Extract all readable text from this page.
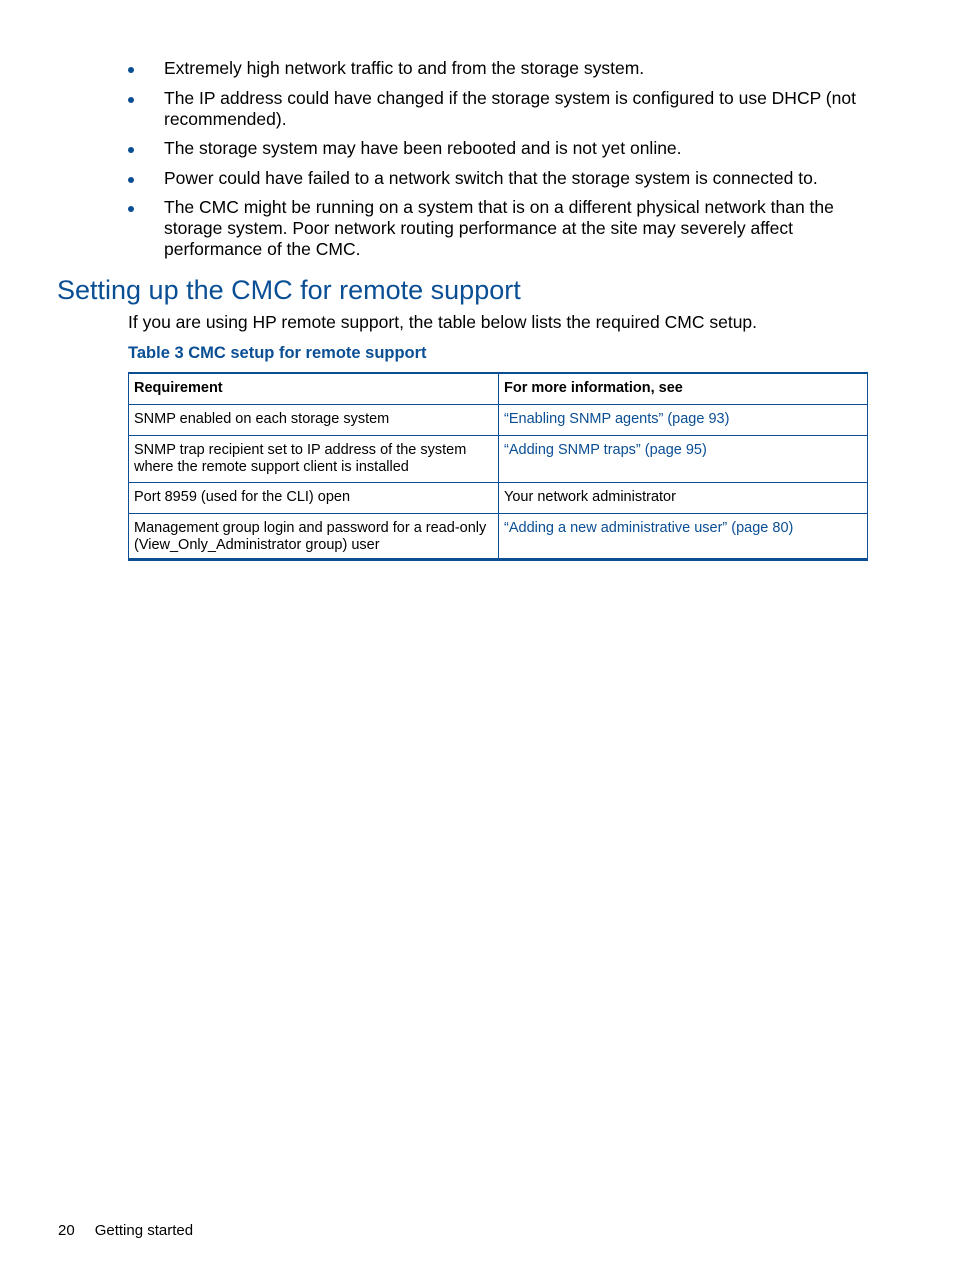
Extremely high network traffic to and from the storage system.
The IP address could have changed if the storage system is configured to use DHCP (not recommended).
The storage system may have been rebooted and is not yet online.
Power could have failed to a network switch that the storage system is connected to.
The CMC might be running on a system that is on a different physical network than the storage system. Poor network routing performance at the site may severely affect performance of the CMC.
Setting up the CMC for remote support

If you are using HP remote support, the table below lists the required CMC setup.

Table 3 CMC setup for remote support

Requirement	For more information, see
SNMP enabled on each storage system	“Enabling SNMP agents” (page 93)
SNMP trap recipient set to IP address of the system where the remote support client is installed	“Adding SNMP traps” (page 95)
Port 8959 (used for the CLI) open	Your network administrator
Management group login and password for a read-only (View_Only_Administrator group) user	“Adding a new administrative user” (page 80)
20 Getting started
